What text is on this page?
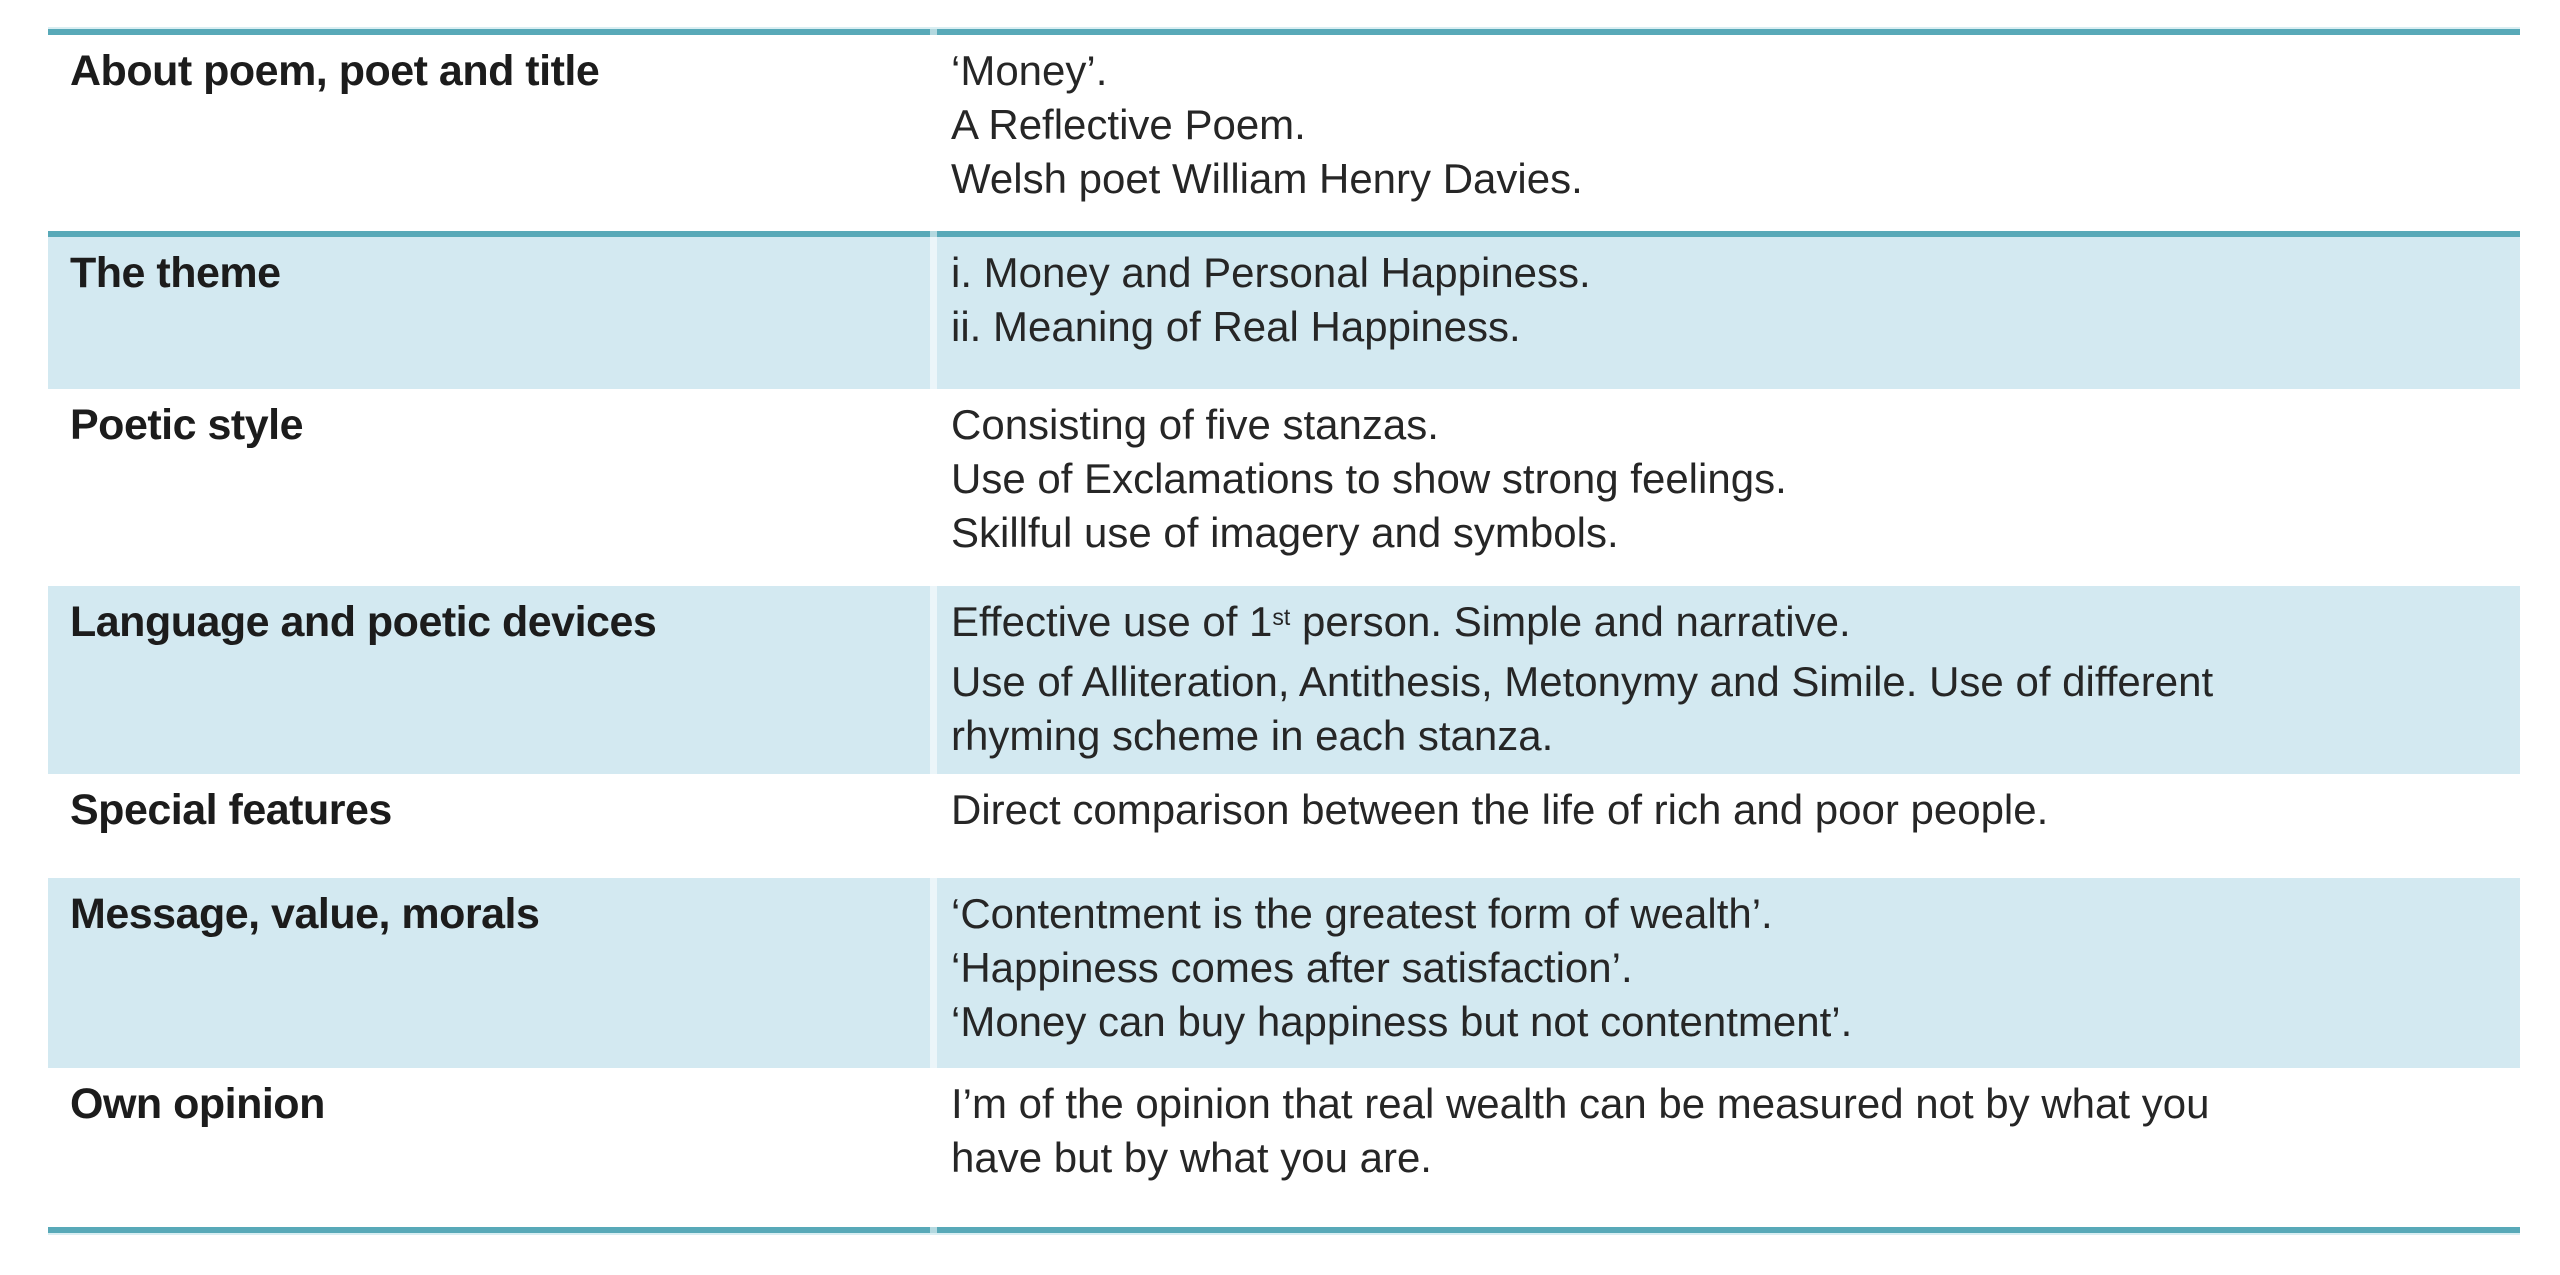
About poem, poet and title	‘Money’.
A Reflective Poem.
Welsh poet William Henry Davies.
The theme	i. Money and Personal Happiness.
ii. Meaning of Real Happiness.
Poetic style	Consisting of five stanzas.
Use of Exclamations to show strong feelings.
Skillful use of imagery and symbols.
Language and poetic devices	Effective use of 1st person. Simple and narrative.
Use of Alliteration, Antithesis, Metonymy and Simile. Use of different
rhyming scheme in each stanza.
Special features	Direct comparison between the life of rich and poor people.
Message, value, morals	‘Contentment is the greatest form of wealth’.
‘Happiness comes after satisfaction’.
‘Money can buy happiness but not contentment’.
Own opinion	I’m of the opinion that real wealth can be measured not by what you
have but by what you are.
